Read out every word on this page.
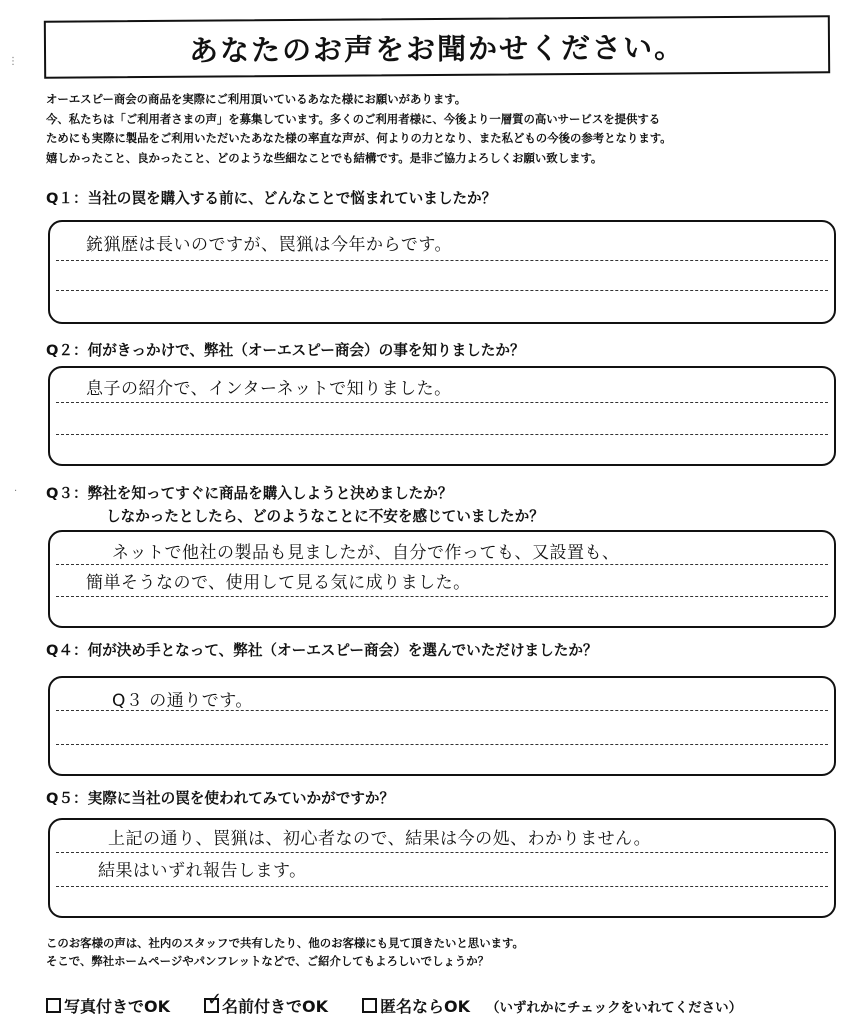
⋮
·
あなたのお声をお聞かせください。

オーエスピー商会の商品を実際にご利用頂いているあなた様にお願いがあります。

今、私たちは「ご利用者さまの声」を募集しています。多くのご利用者様に、今後より一層質の高いサービスを提供する

ためにも実際に製品をご利用いただいたあなた様の率直な声が、何よりの力となり、また私どもの今後の参考となります。

嬉しかったこと、良かったこと、どのような些細なことでも結構です。是非ご協力よろしくお願い致します。

Q１：当社の罠を購入する前に、どんなことで悩まれていましたか？
銃猟歴は長いのですが、罠猟は今年からです。
Q２：何がきっかけで、弊社（オーエスピー商会）の事を知りましたか？
息子の紹介で、インターネットで知りました。
Q３：弊社を知ってすぐに商品を購入しようと決めましたか？
しなかったとしたら、どのようなことに不安を感じていましたか？
ネットで他社の製品も見ましたが、自分で作っても、又設置も、
簡単そうなので、使用して見る気に成りました。
Q４：何が決め手となって、弊社（オーエスピー商会）を選んでいただけましたか？
Q３ の通りです。
Q５：実際に当社の罠を使われてみていかがですか？
上記の通り、罠猟は、初心者なので、結果は今の処、わかりません。
結果はいずれ報告します。

このお客様の声は、社内のスタッフで共有したり、他のお客様にも見て頂きたいと思います。

そこで、弊社ホームページやパンフレットなどで、ご紹介してもよろしいでしょうか？

写真付きでOK ✓ 名前付きでOK	匿名ならOK （いずれかにチェックをいれてください）
